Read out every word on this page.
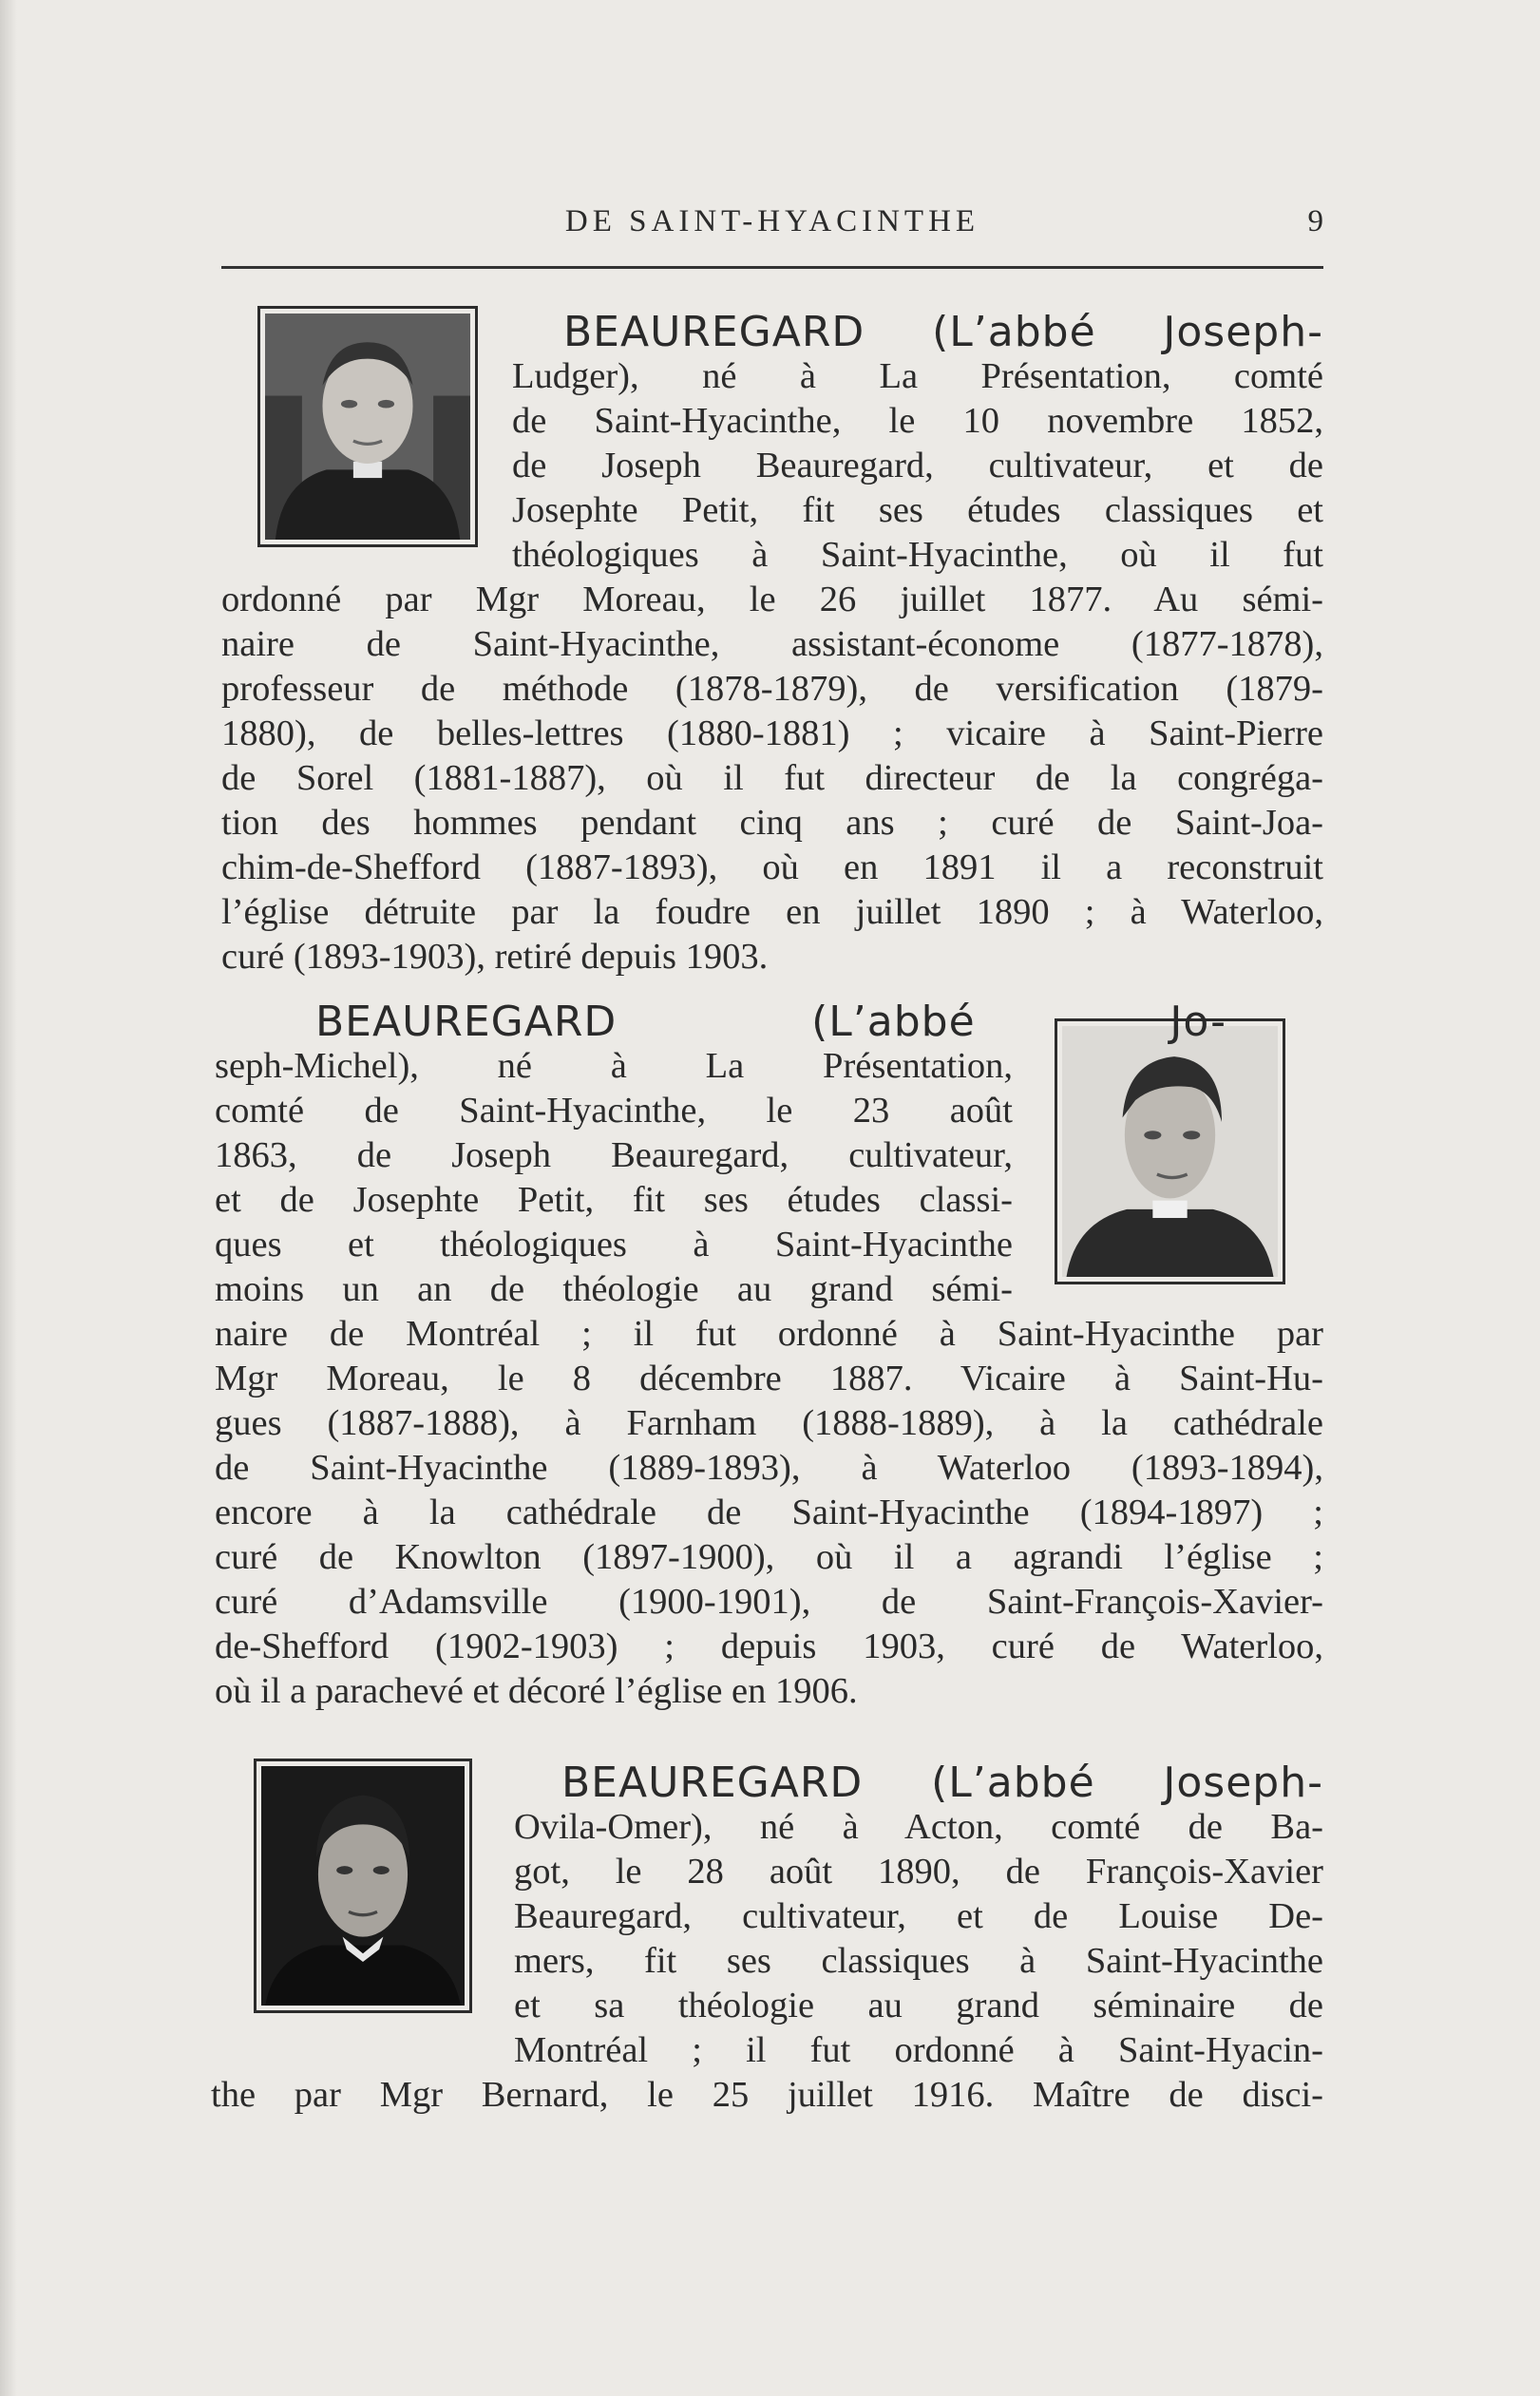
DE SAINT-HYACINTHE	9
BEAUREGARD (L’abbé Joseph-
Ludger), né à La Présentation, comté
de Saint-Hyacinthe, le 10 novembre 1852,
de Joseph Beauregard, cultivateur, et de
Josephte Petit, fit ses études classiques et
théologiques à Saint-Hyacinthe, où il fut
ordonné par Mgr Moreau, le 26 juillet 1877. Au sémi-
naire de Saint-Hyacinthe, assistant-économe (1877-1878),
professeur de méthode (1878-1879), de versification (1879-
1880), de belles-lettres (1880-1881) ; vicaire à Saint-Pierre
de Sorel (1881-1887), où il fut directeur de la congréga-
tion des hommes pendant cinq ans ; curé de Saint-Joa-
chim-de-Shefford (1887-1893), où en 1891 il a reconstruit
l’église détruite par la foudre en juillet 1890 ; à Waterloo,
curé (1893-1903), retiré depuis 1903.
BEAUREGARD (L’abbé Jo-
seph-Michel), né à La Présentation,
comté de Saint-Hyacinthe, le 23 août
1863, de Joseph Beauregard, cultivateur,
et de Josephte Petit, fit ses études classi-
ques et théologiques à Saint-Hyacinthe
moins un an de théologie au grand sémi-
naire de Montréal ; il fut ordonné à Saint-Hyacinthe par
Mgr Moreau, le 8 décembre 1887. Vicaire à Saint-Hu-
gues (1887-1888), à Farnham (1888-1889), à la cathédrale
de Saint-Hyacinthe (1889-1893), à Waterloo (1893-1894),
encore à la cathédrale de Saint-Hyacinthe (1894-1897) ;
curé de Knowlton (1897-1900), où il a agrandi l’église ;
curé d’Adamsville (1900-1901), de Saint-François-Xavier-
de-Shefford (1902-1903) ; depuis 1903, curé de Waterloo,
où il a parachevé et décoré l’église en 1906.
BEAUREGARD (L’abbé Joseph-
Ovila-Omer), né à Acton, comté de Ba-
got, le 28 août 1890, de François-Xavier
Beauregard, cultivateur, et de Louise De-
mers, fit ses classiques à Saint-Hyacinthe
et sa théologie au grand séminaire de
Montréal ; il fut ordonné à Saint-Hyacin-
the par Mgr Bernard, le 25 juillet 1916. Maître de disci-
